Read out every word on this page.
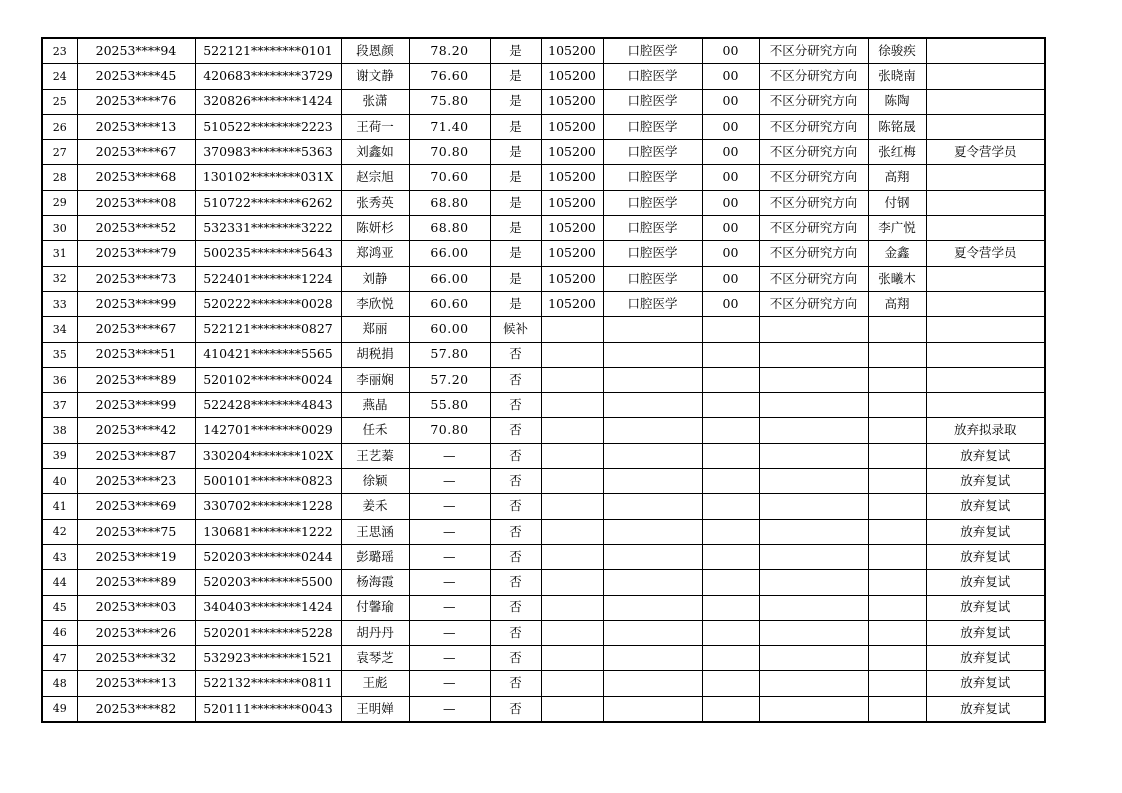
23	20253****94	522121********0101	段恩颜	78.20	是	105200	口腔医学	00	不区分研究方向	徐骏疾	
24	20253****45	420683********3729	谢文静	76.60	是	105200	口腔医学	00	不区分研究方向	张晓南	
25	20253****76	320826********1424	张潇	75.80	是	105200	口腔医学	00	不区分研究方向	陈陶	
26	20253****13	510522********2223	王荷一	71.40	是	105200	口腔医学	00	不区分研究方向	陈铭晟	
27	20253****67	370983********5363	刘鑫如	70.80	是	105200	口腔医学	00	不区分研究方向	张红梅	夏令营学员
28	20253****68	130102********031X	赵宗旭	70.60	是	105200	口腔医学	00	不区分研究方向	高翔	
29	20253****08	510722********6262	张秀英	68.80	是	105200	口腔医学	00	不区分研究方向	付钢	
30	20253****52	532331********3222	陈妍杉	68.80	是	105200	口腔医学	00	不区分研究方向	李广悦	
31	20253****79	500235********5643	郑鸿亚	66.00	是	105200	口腔医学	00	不区分研究方向	金鑫	夏令营学员
32	20253****73	522401********1224	刘静	66.00	是	105200	口腔医学	00	不区分研究方向	张曦木	
33	20253****99	520222********0028	李欣悦	60.60	是	105200	口腔医学	00	不区分研究方向	高翔	
34	20253****67	522121********0827	郑丽	60.00	候补						
35	20253****51	410421********5565	胡税捐	57.80	否						
36	20253****89	520102********0024	李丽娴	57.20	否						
37	20253****99	522428********4843	燕晶	55.80	否						
38	20253****42	142701********0029	任禾	70.80	否						放弃拟录取
39	20253****87	330204********102X	王艺蓁	—	否						放弃复试
40	20253****23	500101********0823	徐颖	—	否						放弃复试
41	20253****69	330702********1228	姜禾	—	否						放弃复试
42	20253****75	130681********1222	王思涵	—	否						放弃复试
43	20253****19	520203********0244	彭璐瑶	—	否						放弃复试
44	20253****89	520203********5500	杨海霞	—	否						放弃复试
45	20253****03	340403********1424	付馨瑜	—	否						放弃复试
46	20253****26	520201********5228	胡丹丹	—	否						放弃复试
47	20253****32	532923********1521	袁琴芝	—	否						放弃复试
48	20253****13	522132********0811	王彪	—	否						放弃复试
49	20253****82	520111********0043	王明婵	—	否						放弃复试
